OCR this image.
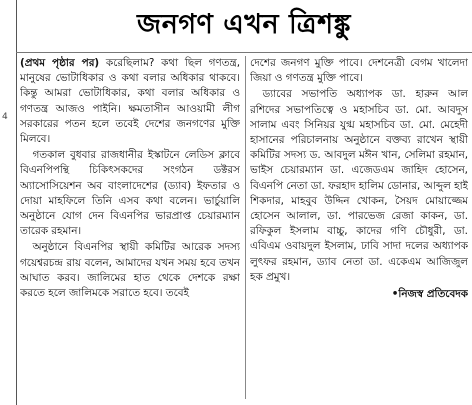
4
জনগণ এখন ত্রিশঙ্কু

(প্রথম পৃষ্ঠার পর) করেছিলাম? কথা ছিল গণতন্ত্র, মানুষের ভোটাধিকার ও কথা বলার অধিকার থাকবে। কিন্তু আমরা ভোটাধিকার, কথা বলার অধিকার ও গণতন্ত্র আজও পাইনি। ক্ষমতাসীন আওয়ামী লীগ সরকারের পতন হলে তবেই দেশের জনগণের মুক্তি মিলবে।

গতকাল বুধবার রাজধানীর ইস্কাটনে লেডিস ক্লাবে বিএনপিপন্থি চিকিৎসকদের সংগঠন ডক্টরস অ্যাসোসিয়েশন অব বাংলাদেশের (ড্যাব) ইফতার ও দোয়া মাহফিলে তিনি এসব কথা বলেন। ভার্চুয়ালি অনুষ্ঠানে যোগ দেন বিএনপির ভারপ্রাপ্ত চেয়ারম্যান তারেক রহমান।

অনুষ্ঠানে বিএনপির স্থায়ী কমিটির আরেক সদস্য গয়েশ্বরচন্দ্র রায় বলেন, আমাদের যখন সময় হবে তখন আঘাত করব। জালিমের হাত থেকে দেশকে রক্ষা করতে হলে জালিমকে সরাতে হবে। তবেই

দেশের জনগণ মুক্তি পাবে। দেশনেত্রী বেগম খালেদা জিয়া ও গণতন্ত্র মুক্তি পাবে।

ড্যাবের সভাপতি অধ্যাপক ডা. হারুন আল রশিদের সভাপতিত্বে ও মহাসচিব ডা. মো. আবদুস সালাম এবং সিনিয়র যুগ্ম মহাসচিব ডা. মো. মেহেদী হাসানের পরিচালনায় অনুষ্ঠানে বক্তব্য রাখেন স্থায়ী কমিটির সদস্য ড. আবদুল মঈন খান, সেলিমা রহমান, ভাইস চেয়ারম্যান ডা. এজেডএম জাহিদ হোসেন, বিএনপি নেতা ডা. ফরহাদ হালিম ডোনার, আব্দুল হাই শিকদার, মাহবুব উদ্দিন খোকন, সৈয়দ মোয়াজ্জেম হোসেন আলাল, ডা. পারভেজ রেজা কাকন, ডা. রফিকুল ইসলাম বাচ্চু, কাদের গণি চৌধুরী, ডা. এবিএম ওবায়দুল ইসলাম, ঢাবি সাদা দলের অধ্যাপক লুৎফর রহমান, ড্যাব নেতা ডা. একেএম আজিজুল হক প্রমুখ।

•নিজস্ব প্রতিবেদক
